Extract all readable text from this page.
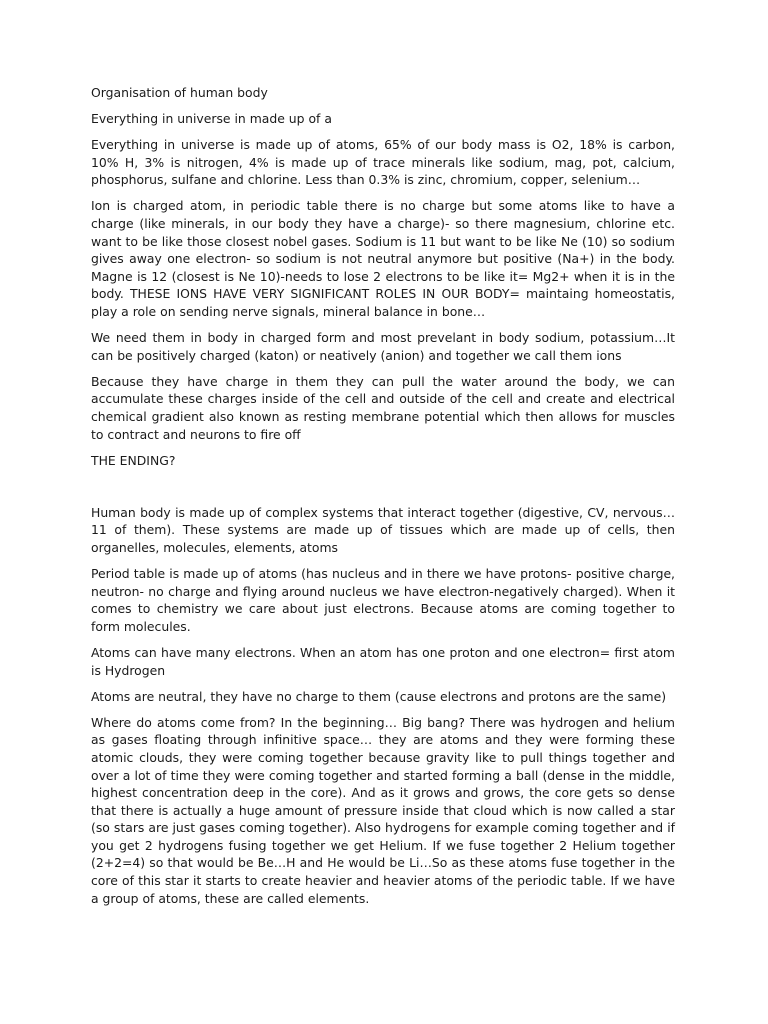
Organisation of human body

Everything in universe in made up of a

Everything in universe is made up of atoms, 65% of our body mass is O2, 18% is carbon, 10% H, 3% is nitrogen, 4% is made up of trace minerals like sodium, mag, pot, calcium, phosphorus, sulfane and chlorine. Less than 0.3% is zinc, chromium, copper, selenium…

Ion is charged atom, in periodic table there is no charge but some atoms like to have a charge (like minerals, in our body they have a charge)- so there magnesium, chlorine etc. want to be like those closest nobel gases. Sodium is 11 but want to be like Ne (10) so sodium gives away one electron- so sodium is not neutral anymore but positive (Na+) in the body. Magne is 12 (closest is Ne 10)-needs to lose 2 electrons to be like it= Mg2+ when it is in the body. THESE IONS HAVE VERY SIGNIFICANT ROLES IN OUR BODY= maintaing homeostatis, play a role on sending nerve signals, mineral balance in bone…

We need them in body in charged form and most prevelant in body sodium, potassium…It can be positively charged (katon) or neatively (anion) and together we call them ions

Because they have charge in them they can pull the water around the body, we can accumulate these charges inside of the cell and outside of the cell and create and electrical chemical gradient also known as resting membrane potential which then allows for muscles to contract and neurons to fire off

THE ENDING?

Human body is made up of complex systems that interact together (digestive, CV, nervous…11 of them). These systems are made up of tissues which are made up of cells, then organelles, molecules, elements, atoms

Period table is made up of atoms (has nucleus and in there we have protons- positive charge, neutron- no charge and flying around nucleus we have electron-negatively charged). When it comes to chemistry we care about just electrons. Because atoms are coming together to form molecules.

Atoms can have many electrons. When an atom has one proton and one electron= first atom is Hydrogen

Atoms are neutral, they have no charge to them (cause electrons and protons are the same)

Where do atoms come from? In the beginning… Big bang? There was hydrogen and helium as gases floating through infinitive space… they are atoms and they were forming these atomic clouds, they were coming together because gravity like to pull things together and over a lot of time they were coming together and started forming a ball (dense in the middle, highest concentration deep in the core). And as it grows and grows, the core gets so dense that there is actually a huge amount of pressure inside that cloud which is now called a star (so stars are just gases coming together). Also hydrogens for example coming together and if you get 2 hydrogens fusing together we get Helium. If we fuse together 2 Helium together (2+2=4) so that would be Be…H and He would be Li…So as these atoms fuse together in the core of this star it starts to create heavier and heavier atoms of the periodic table. If we have a group of atoms, these are called elements.
